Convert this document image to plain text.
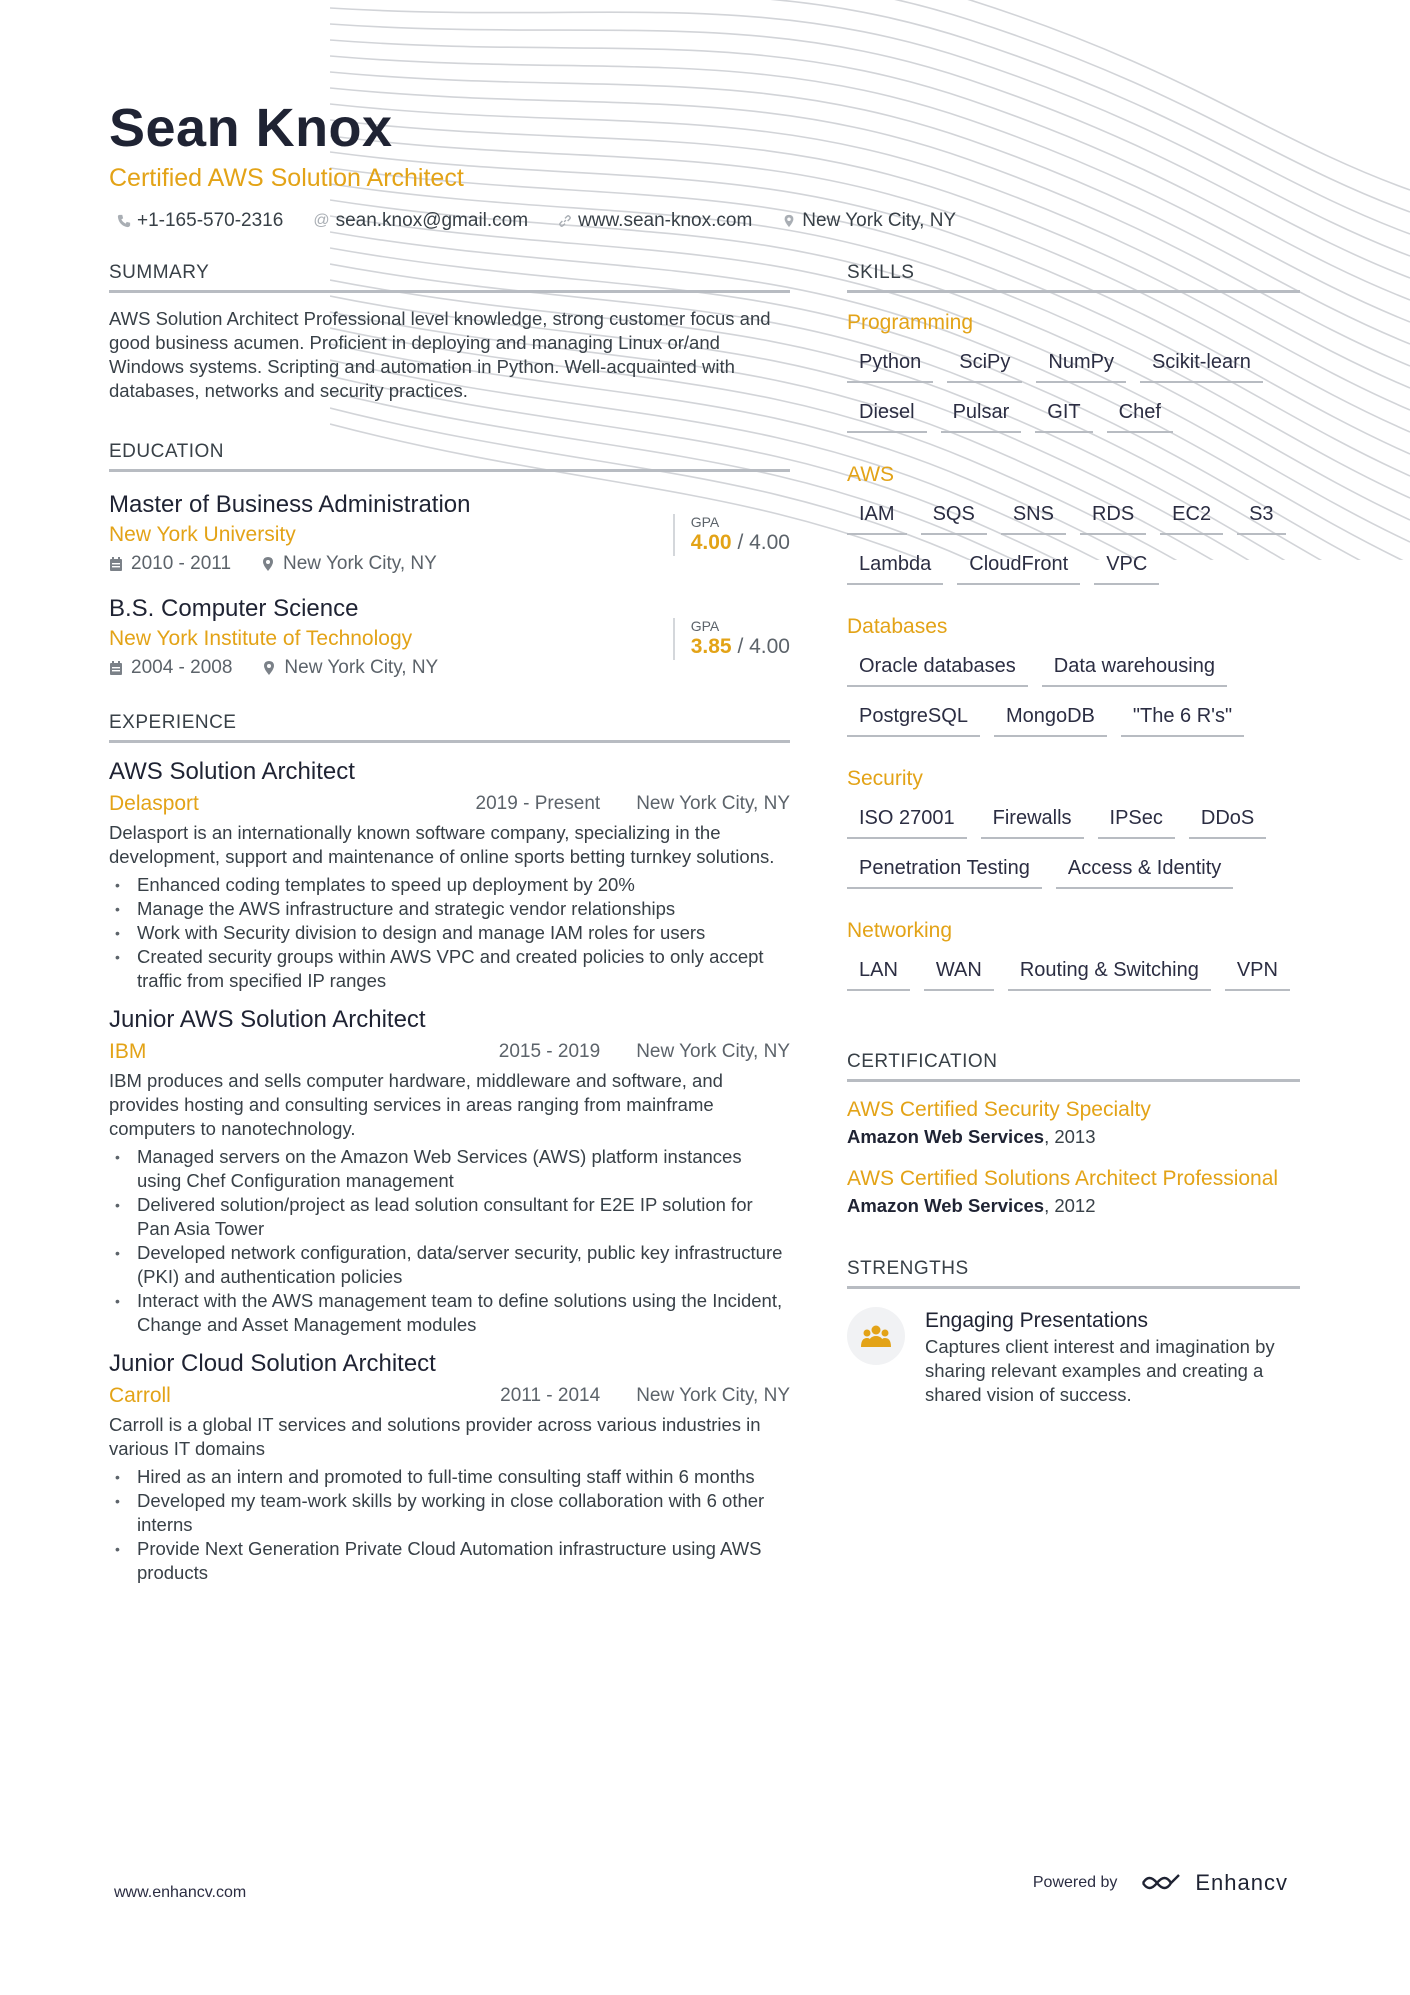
Sean Knox
Certified AWS Solution Architect
+1-165-570-2316 @ sean.knox@gmail.com	www.sean-knox.com	New York City, NY
SUMMARY

AWS Solution Architect Professional level knowledge, strong customer focus and good business acumen. Proficient in deploying and managing Linux or/and Windows systems. Scripting and automation in Python. Well-acquainted with databases, networks and security practices.

EDUCATION
Master of Business Administration
New York University
2010 - 2011	New York City, NY
GPA
4.00 / 4.00
B.S. Computer Science
New York Institute of Technology
2004 - 2008	New York City, NY
GPA
3.85 / 4.00
EXPERIENCE
AWS Solution Architect
Delasport	2019 - Present New York City, NY

Delasport is an internationally known software company, specializing in the development, support and maintenance of online sports betting turnkey solutions.

• Enhanced coding templates to speed up deployment by 20%
• Manage the AWS infrastructure and strategic vendor relationships
• Work with Security division to design and manage IAM roles for users
• Created security groups within AWS VPC and created policies to only accept traffic from specified IP ranges
Junior AWS Solution Architect
IBM	2015 - 2019 New York City, NY

IBM produces and sells computer hardware, middleware and software, and provides hosting and consulting services in areas ranging from mainframe computers to nanotechnology.

• Managed servers on the Amazon Web Services (AWS) platform instances using Chef Configuration management
• Delivered solution/project as lead solution consultant for E2E IP solution for Pan Asia Tower
• Developed network configuration, data/server security, public key infrastructure (PKI) and authentication policies
• Interact with the AWS management team to define solutions using the Incident, Change and Asset Management modules
Junior Cloud Solution Architect
Carroll	2011 - 2014 New York City, NY

Carroll is a global IT services and solutions provider across various industries in various IT domains

• Hired as an intern and promoted to full-time consulting staff within 6 months
• Developed my team-work skills by working in close collaboration with 6 other interns
• Provide Next Generation Private Cloud Automation infrastructure using AWS products
SKILLS
Programming
Python	SciPy	NumPy	Scikit-learn
Diesel	Pulsar	GIT	Chef
AWS
IAM	SQS	SNS	RDS	EC2	S3
Lambda	CloudFront	VPC
Databases
Oracle databases	Data warehousing
PostgreSQL	MongoDB	"The 6 R's"
Security
ISO 27001	Firewalls	IPSec	DDoS
Penetration Testing	Access & Identity
Networking
LAN	WAN	Routing & Switching	VPN
CERTIFICATION
AWS Certified Security Specialty
Amazon Web Services, 2013
AWS Certified Solutions Architect Professional
Amazon Web Services, 2012
STRENGTHS
Engaging Presentations
Captures client interest and imagination by sharing relevant examples and creating a shared vision of success.
www.enhancv.com
Powered by	Enhancv
